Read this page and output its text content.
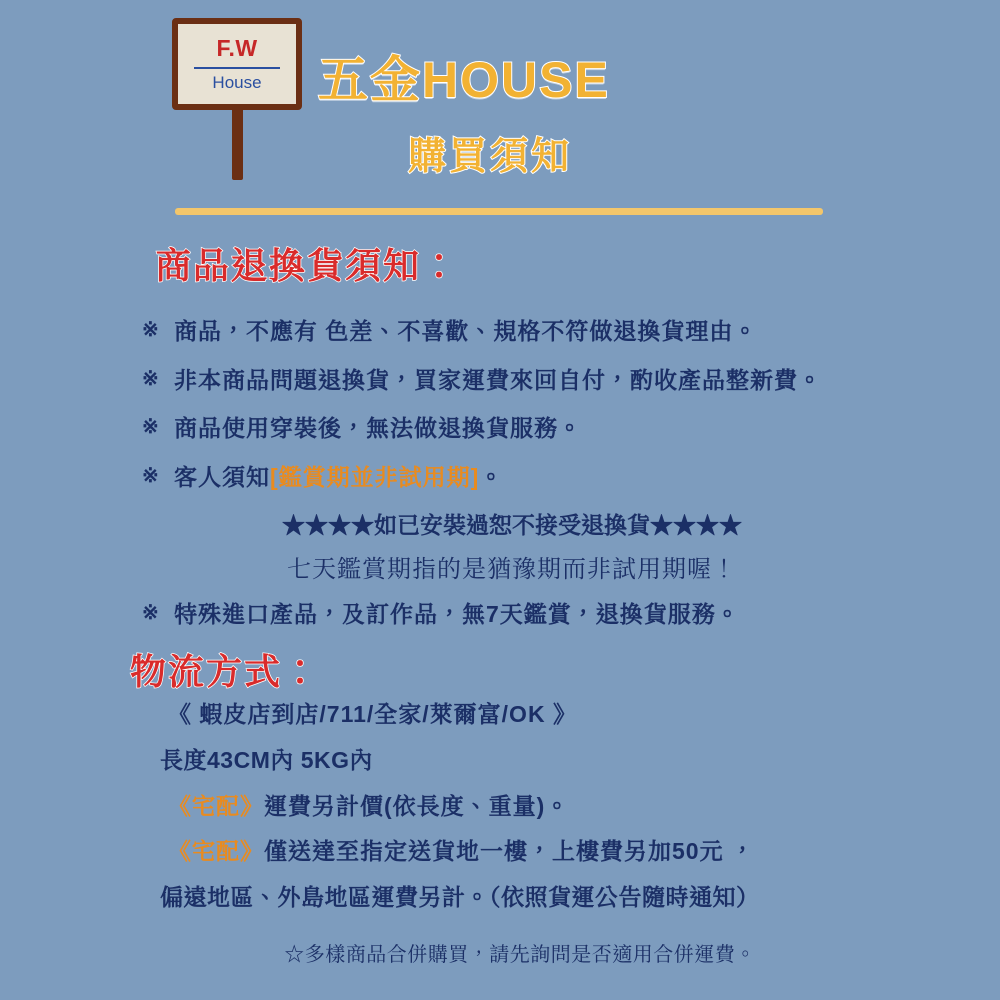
F.W
House 五金HOUSE
購買須知
商品退換貨須知：
※ 商品，不應有 色差、不喜歡、規格不符做退換貨理由。
※ 非本商品問題退換貨，買家運費來回自付，酌收產品整新費。
※ 商品使用穿裝後，無法做退換貨服務。
※ 客人須知[鑑賞期並非試用期]。
★★★★如已安裝過恕不接受退換貨★★★★
七天鑑賞期指的是猶豫期而非試用期喔！
※ 特殊進口產品，及訂作品，無7天鑑賞，退換貨服務。
物流方式：
《 蝦皮店到店/711/全家/萊爾富/OK 》
長度43CM內 5KG內
《宅配》運費另計價(依長度、重量)。
《宅配》僅送達至指定送貨地一樓，上樓費另加50元 ，
偏遠地區、外島地區運費另計。（依照貨運公告隨時通知）
☆多樣商品合併購買，請先詢問是否適用合併運費。
